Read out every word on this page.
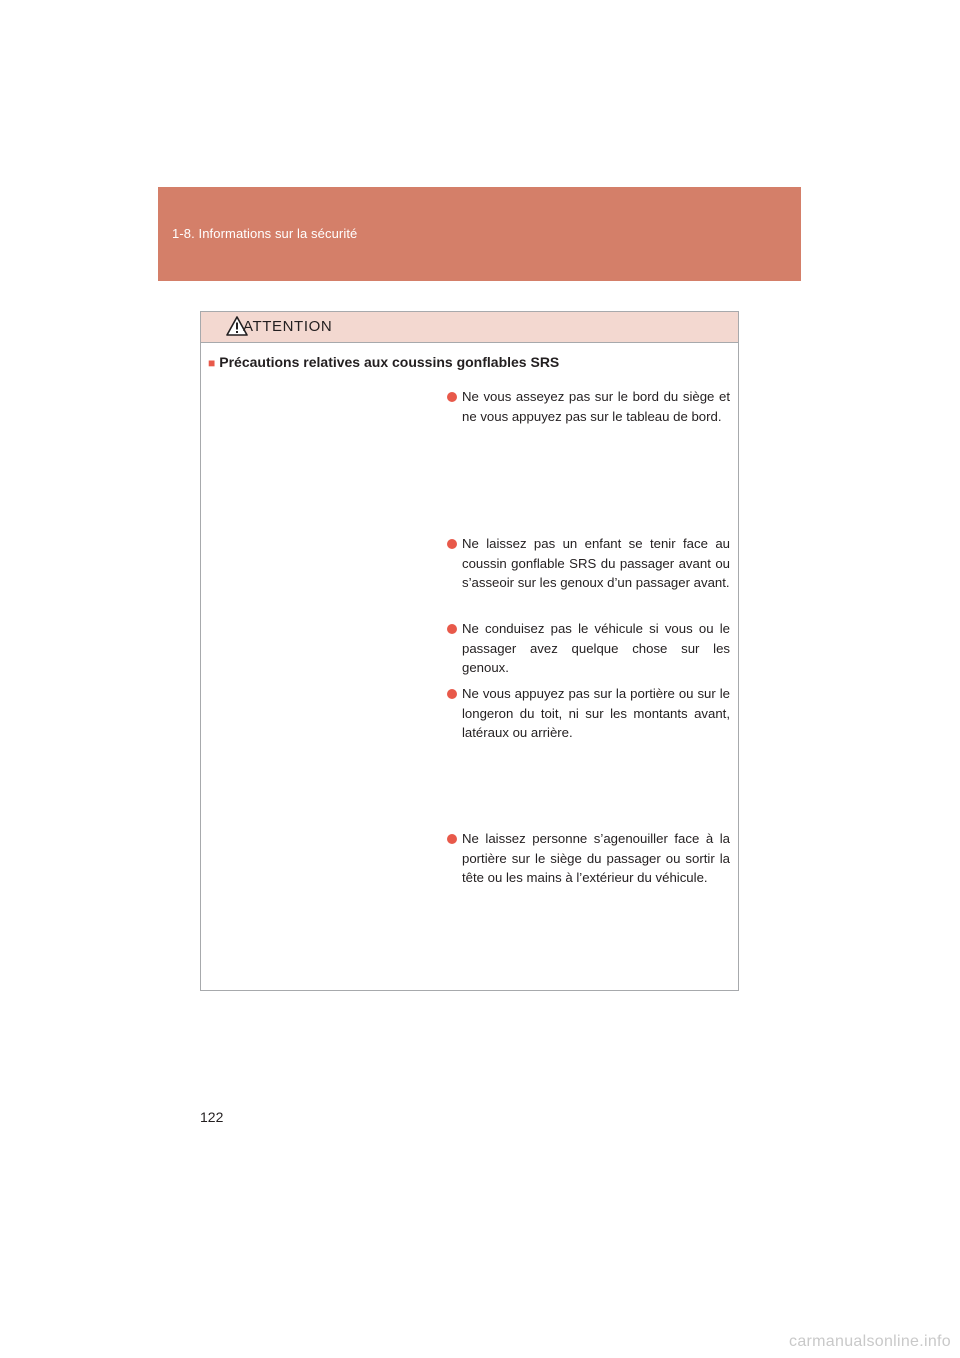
1-8. Informations sur la sécurité
ATTENTION
■ Précautions relatives aux coussins gonflables SRS
Ne vous asseyez pas sur le bord du siège et ne vous appuyez pas sur le tableau de bord.
Ne laissez pas un enfant se tenir face au coussin gonflable SRS du passager avant ou s’asseoir sur les genoux d’un passager avant.
Ne conduisez pas le véhicule si vous ou le passager avez quelque chose sur les genoux.
Ne vous appuyez pas sur la portière ou sur le longeron du toit, ni sur les montants avant, latéraux ou arrière.
Ne laissez personne s’agenouiller face à la portière sur le siège du passager ou sortir la tête ou les mains à l’extérieur du véhicule.
122
carmanualsonline.info
